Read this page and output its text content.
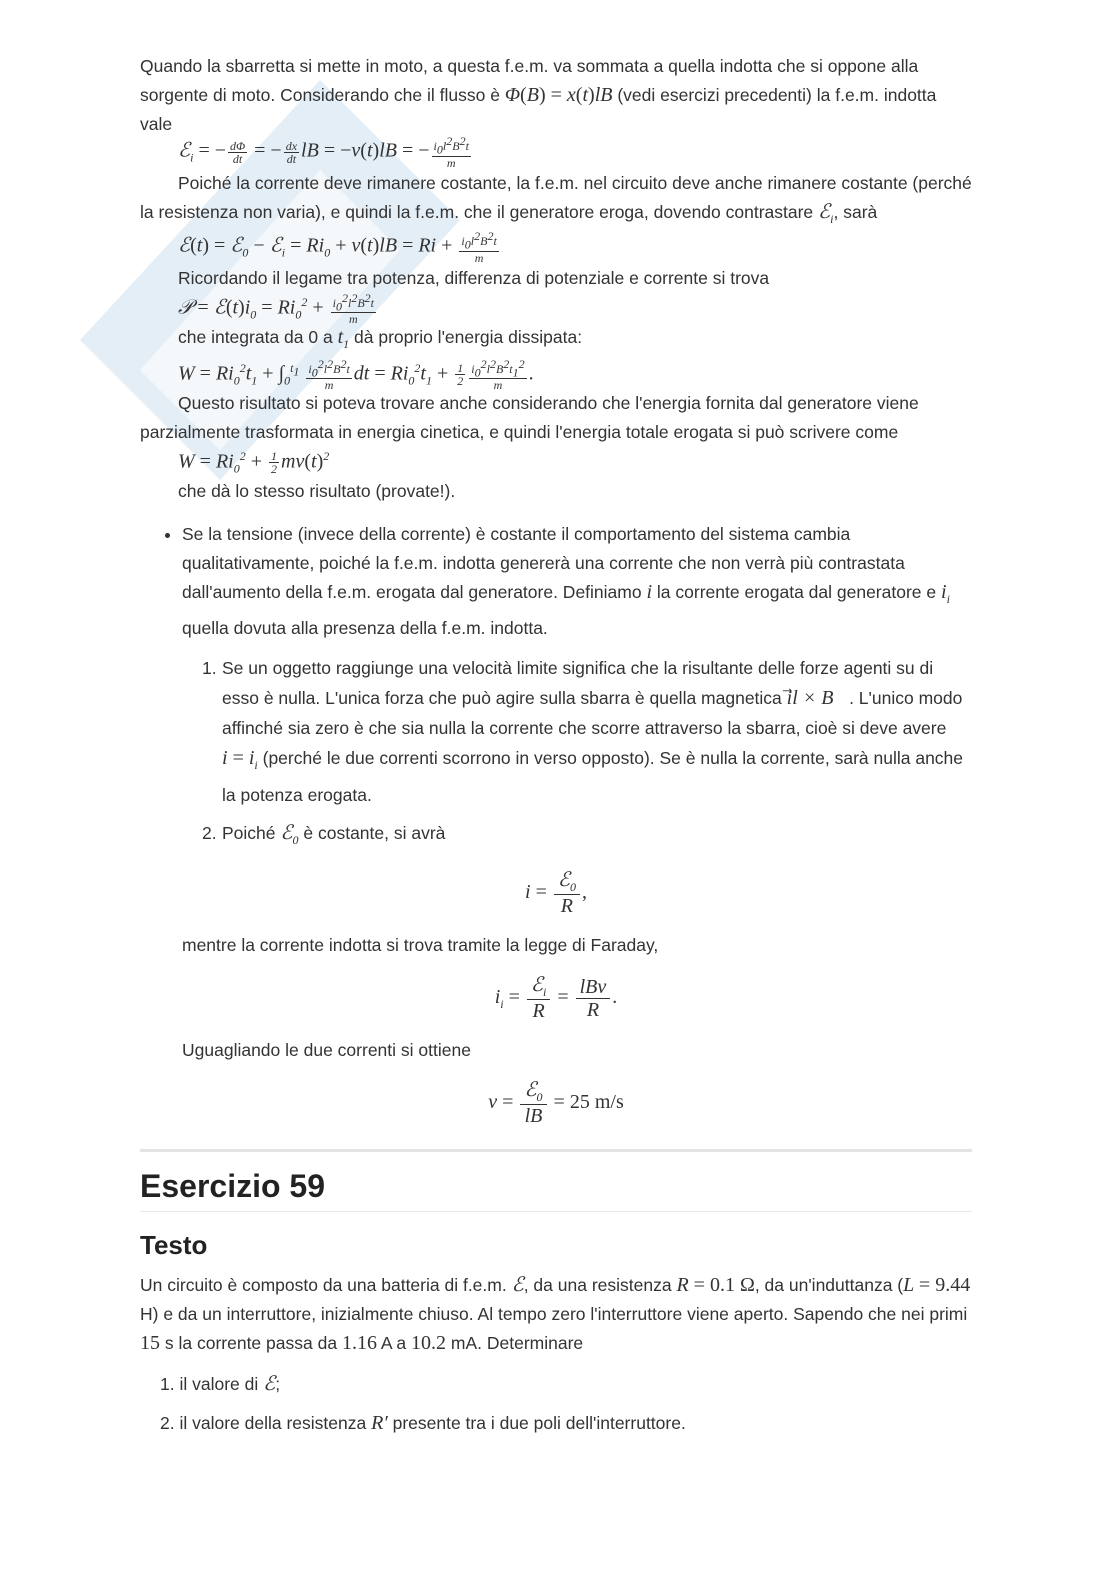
Quando la sbarretta si mette in moto, a questa f.e.m. va sommata a quella indotta che si oppone alla sorgente di moto. Considerando che il flusso è Φ(B) = x(t)lB (vedi esercizi precedenti) la f.e.m. indotta vale

ℰ$_i$ = − $\frac{d\Phi}{dt}$ = − $\frac{dx}{dt}$ lB = −v(t)lB = − $\frac{i_0l^2B^2t}{m}$

Poiché la corrente deve rimanere costante, la f.e.m. nel circuito deve anche rimanere costante (perché la resistenza non varia), e quindi la f.e.m. che il generatore eroga, dovendo contrastare ℰ$_i$, sarà

ℰ(t) = ℰ$_0$ − ℰ$_i$ = $Ri_0 + v(t)lB = Ri + \frac{i_0l^2B^2t}{m}$

Ricordando il legame tra potenza, differenza di potenziale e corrente si trova

𝒫 = $ℰ(t)i_0 = Ri_0^2 + \frac{i_0^2l^2B^2t}{m}$

che integrata da 0 a $t_1$ dà proprio l'energia dissipata:

$W = Ri_0^2t_1 + \int_0^{t_1} \frac{i_0^2l^2B^2t}{m}$ dt = $Ri_0^2t_1 + \frac{1}{2} \frac{i_0^2l^2B^2t_1^2}{m}$ .

Questo risultato si poteva trovare anche considerando che l'energia fornita dal generatore viene parzialmente trasformata in energia cinetica, e quindi l'energia totale erogata si può scrivere come

$W = Ri_0^2 + \frac{1}{2} mv(t)^2$

che dà lo stesso risultato (provate!).

• Se la tensione (invece della corrente) è costante il comportamento del sistema cambia qualitativamente, poiché la f.e.m. indotta genererà una corrente che non verrà più contrastata dall'aumento della f.e.m. erogata dal generatore. Definiamo i la corrente erogata dal generatore e $i_i$ quella dovuta alla presenza della f.e.m. indotta.
1. Se un oggetto raggiunge una velocità limite significa che la risultante delle forze agenti su di esso è nulla. L'unica forza che può agire sulla sbarra è quella magnetica il × B⃗. L'unico modo affinché sia zero è che sia nulla la corrente che scorre attraverso la sbarra, cioè si deve avere $i = i_i$ (perché le due correnti scorrono in verso opposto). Se è nulla la corrente, sarà nulla anche la potenza erogata.
2. Poiché ℰ$_0$ è costante, si avrà
$i = \frac{ℰ_0}{R}$ ,

mentre la corrente indotta si trova tramite la legge di Faraday,

$i_i = \frac{ℰ_i}{R} = \frac{\text{lBv}}{R}$ .

Uguagliando le due correnti si ottiene

$v = \frac{ℰ_0}{lB} = 25$ m/s
Esercizio 59
Testo

Un circuito è composto da una batteria di f.e.m. ℰ, da una resistenza R = 0.1 Ω, da un'induttanza (L = 9.44 H) e da un interruttore, inizialmente chiuso. Al tempo zero l'interruttore viene aperto. Sapendo che nei primi 15 s la corrente passa da 1.16 A a 10.2 mA. Determinare

1. il valore di ℰ;
2. il valore della resistenza R′ presente tra i due poli dell'interruttore.
